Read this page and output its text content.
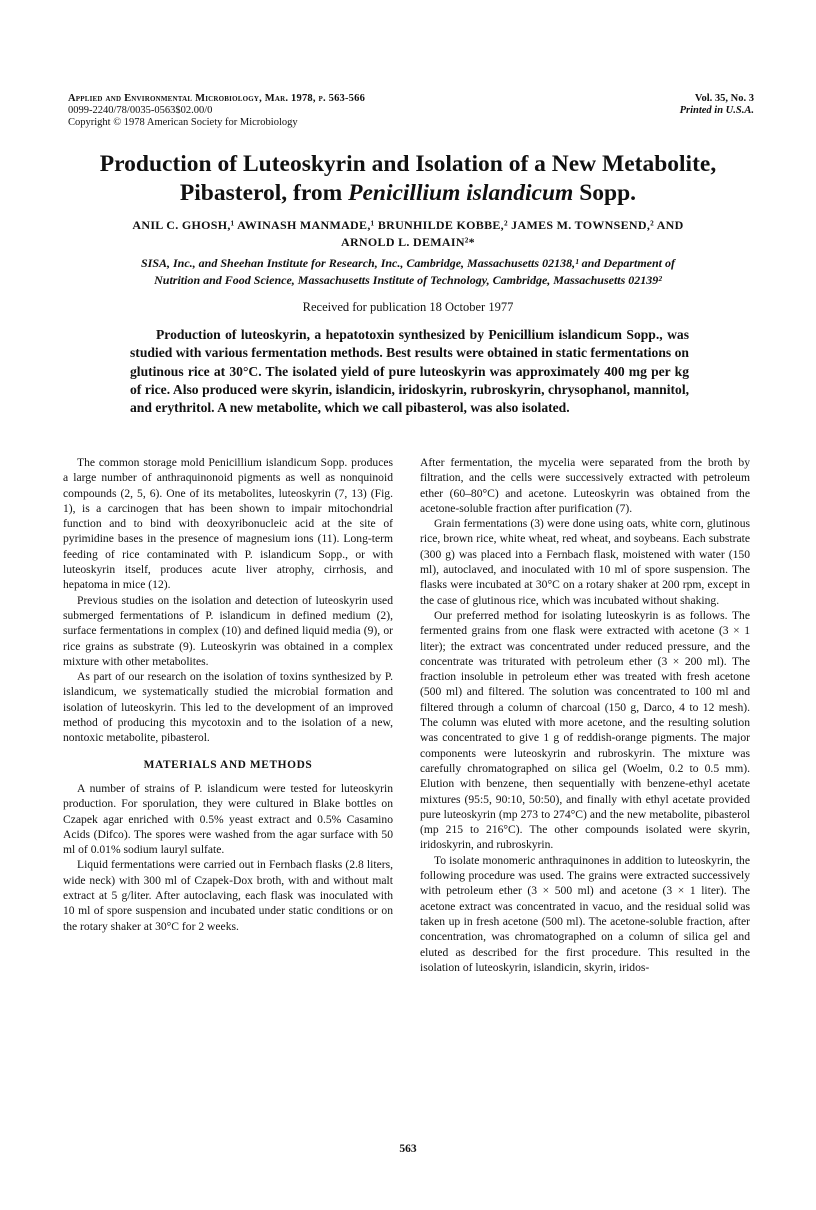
Applied and Environmental Microbiology, Mar. 1978, p. 563-566
0099-2240/78/0035-0563$02.00/0
Copyright © 1978 American Society for Microbiology
Vol. 35, No. 3
Printed in U.S.A.
Production of Luteoskyrin and Isolation of a New Metabolite,
Pibasterol, from Penicillium islandicum Sopp.
ANIL C. GHOSH,¹ AWINASH MANMADE,¹ BRUNHILDE KOBBE,² JAMES M. TOWNSEND,² AND
ARNOLD L. DEMAIN²*
SISA, Inc., and Sheehan Institute for Research, Inc., Cambridge, Massachusetts 02138,¹ and Department of
Nutrition and Food Science, Massachusetts Institute of Technology, Cambridge, Massachusetts 02139²
Received for publication 18 October 1977

Production of luteoskyrin, a hepatotoxin synthesized by Penicillium islandicum Sopp., was studied with various fermentation methods. Best results were obtained in static fermentations on glutinous rice at 30°C. The isolated yield of pure luteoskyrin was approximately 400 mg per kg of rice. Also produced were skyrin, islandicin, iridoskyrin, rubroskyrin, chrysophanol, mannitol, and erythritol. A new metabolite, which we call pibasterol, was also isolated.

The common storage mold Penicillium islandicum Sopp. produces a large number of anthraquinonoid pigments as well as nonquinoid compounds (2, 5, 6). One of its metabolites, luteoskyrin (7, 13) (Fig. 1), is a carcinogen that has been shown to impair mitochondrial function and to bind with deoxyribonucleic acid at the site of pyrimidine bases in the presence of magnesium ions (11). Long-term feeding of rice contaminated with P. islandicum Sopp., or with luteoskyrin itself, produces acute liver atrophy, cirrhosis, and hepatoma in mice (12).

Previous studies on the isolation and detection of luteoskyrin used submerged fermentations of P. islandicum in defined medium (2), surface fermentations in complex (10) and defined liquid media (9), or rice grains as substrate (9). Luteoskyrin was obtained in a complex mixture with other metabolites.

As part of our research on the isolation of toxins synthesized by P. islandicum, we systematically studied the microbial formation and isolation of luteoskyrin. This led to the development of an improved method of producing this mycotoxin and to the isolation of a new, nontoxic metabolite, pibasterol.

MATERIALS AND METHODS

A number of strains of P. islandicum were tested for luteoskyrin production. For sporulation, they were cultured in Blake bottles on Czapek agar enriched with 0.5% yeast extract and 0.5% Casamino Acids (Difco). The spores were washed from the agar surface with 50 ml of 0.01% sodium lauryl sulfate.

Liquid fermentations were carried out in Fernbach flasks (2.8 liters, wide neck) with 300 ml of Czapek-Dox broth, with and without malt extract at 5 g/liter. After autoclaving, each flask was inoculated with 10 ml of spore suspension and incubated under static conditions or on the rotary shaker at 30°C for 2 weeks.

After fermentation, the mycelia were separated from the broth by filtration, and the cells were successively extracted with petroleum ether (60–80°C) and acetone. Luteoskyrin was obtained from the acetone-soluble fraction after purification (7).

Grain fermentations (3) were done using oats, white corn, glutinous rice, brown rice, white wheat, red wheat, and soybeans. Each substrate (300 g) was placed into a Fernbach flask, moistened with water (150 ml), autoclaved, and inoculated with 10 ml of spore suspension. The flasks were incubated at 30°C on a rotary shaker at 200 rpm, except in the case of glutinous rice, which was incubated without shaking.

Our preferred method for isolating luteoskyrin is as follows. The fermented grains from one flask were extracted with acetone (3 × 1 liter); the extract was concentrated under reduced pressure, and the concentrate was triturated with petroleum ether (3 × 200 ml). The fraction insoluble in petroleum ether was treated with fresh acetone (500 ml) and filtered. The solution was concentrated to 100 ml and filtered through a column of charcoal (150 g, Darco, 4 to 12 mesh). The column was eluted with more acetone, and the resulting solution was concentrated to give 1 g of reddish-orange pigments. The major components were luteoskyrin and rubroskyrin. The mixture was carefully chromatographed on silica gel (Woelm, 0.2 to 0.5 mm). Elution with benzene, then sequentially with benzene-ethyl acetate mixtures (95:5, 90:10, 50:50), and finally with ethyl acetate provided pure luteoskyrin (mp 273 to 274°C) and the new metabolite, pibasterol (mp 215 to 216°C). The other compounds isolated were skyrin, iridoskyrin, and rubroskyrin.

To isolate monomeric anthraquinones in addition to luteoskyrin, the following procedure was used. The grains were extracted successively with petroleum ether (3 × 500 ml) and acetone (3 × 1 liter). The acetone extract was concentrated in vacuo, and the residual solid was taken up in fresh acetone (500 ml). The acetone-soluble fraction, after concentration, was chromatographed on a column of silica gel and eluted as described for the first procedure. This resulted in the isolation of luteoskyrin, islandicin, skyrin, iridos-

563
